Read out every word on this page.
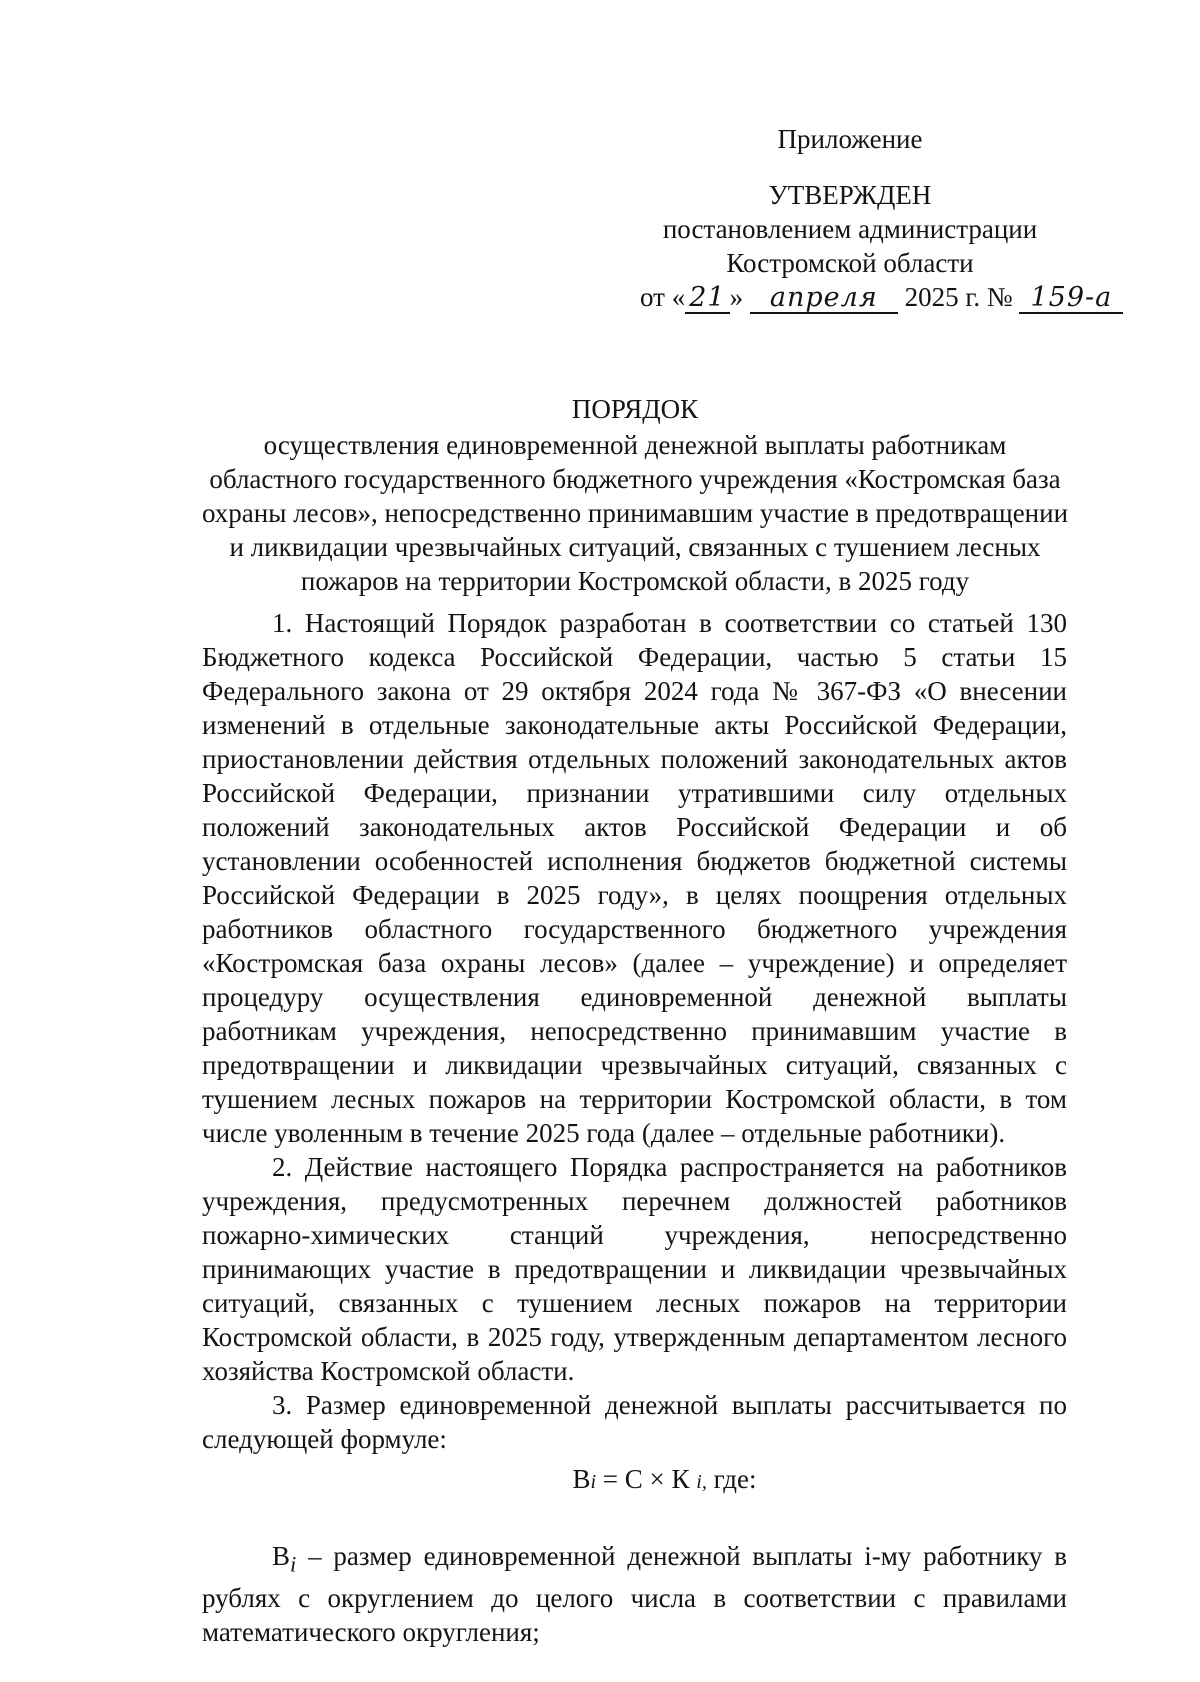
Приложение
УТВЕРЖДЕН
постановлением администрации
Костромской области
от « 21 » апреля 2025 г. № 159-а
ПОРЯДОК
осуществления единовременной денежной выплаты работникам областного государственного бюджетного учреждения «Костромская база охраны лесов», непосредственно принимавшим участие в предотвращении и ликвидации чрезвычайных ситуаций, связанных с тушением лесных пожаров на территории Костромской области, в 2025 году

1. Настоящий Порядок разработан в соответствии со статьей 130 Бюджетного кодекса Российской Федерации, частью 5 статьи 15 Федерального закона от 29 октября 2024 года № 367-ФЗ «О внесении изменений в отдельные законодательные акты Российской Федерации, приостановлении действия отдельных положений законодательных актов Российской Федерации, признании утратившими силу отдельных положений законодательных актов Российской Федерации и об установлении особенностей исполнения бюджетов бюджетной системы Российской Федерации в 2025 году», в целях поощрения отдельных работников областного государственного бюджетного учреждения «Костромская база охраны лесов» (далее – учреждение) и определяет процедуру осуществления единовременной денежной выплаты работникам учреждения, непосредственно принимавшим участие в предотвращении и ликвидации чрезвычайных ситуаций, связанных с тушением лесных пожаров на территории Костромской области, в том числе уволенным в течение 2025 года (далее – отдельные работники).

2. Действие настоящего Порядка распространяется на работников учреждения, предусмотренных перечнем должностей работников пожарно-химических станций учреждения, непосредственно принимающих участие в предотвращении и ликвидации чрезвычайных ситуаций, связанных с тушением лесных пожаров на территории Костромской области, в 2025 году, утвержденным департаментом лесного хозяйства Костромской области.

3. Размер единовременной денежной выплаты рассчитывается по следующей формуле:

Вi = С × К i, где:

$В_i$ – размер единовременной денежной выплаты i-му работнику в рублях с округлением до целого числа в соответствии с правилами математического округления;
